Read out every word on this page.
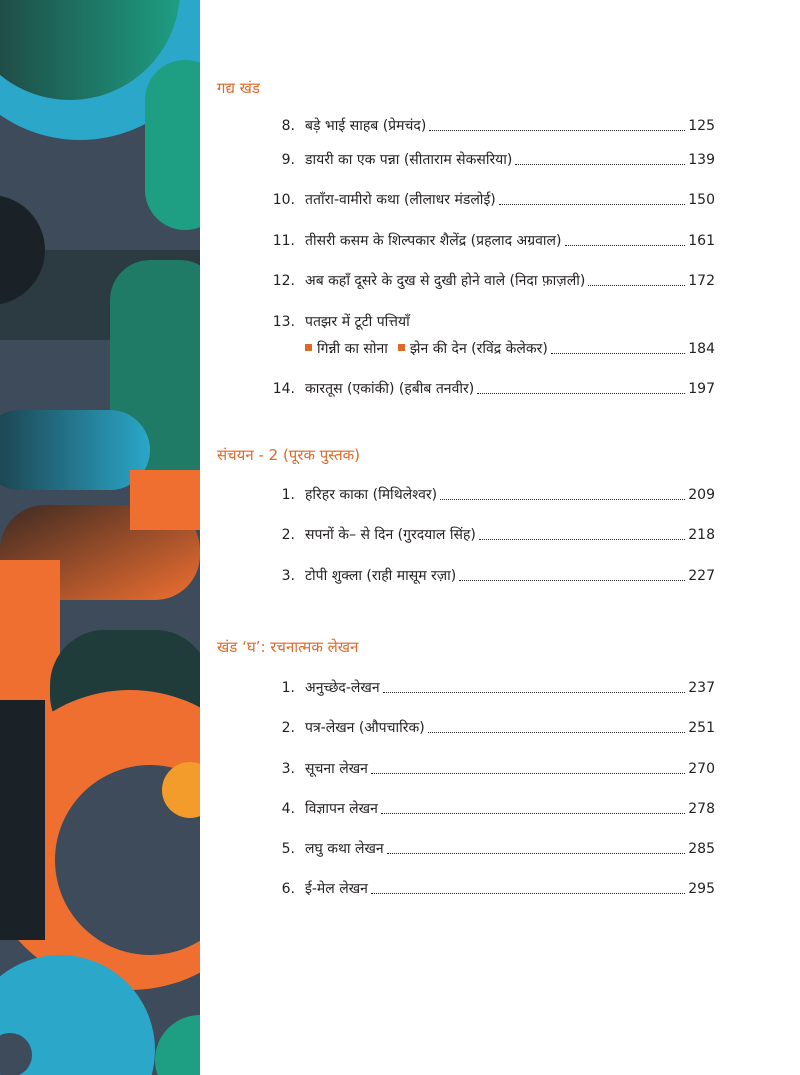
गद्य खंड
8. बड़े भाई साहब (प्रेमचंद)	125
9. डायरी का एक पन्ना (सीताराम सेकसरिया)	139
10. तताँरा-वामीरो कथा (लीलाधर मंडलोई)	150
11. तीसरी कसम के शिल्पकार शैलेंद्र (प्रहलाद अग्रवाल)	161
12. अब कहाँ दूसरे के दुख से दुखी होने वाले (निदा फ़ाज़ली)	172
13. पतझर में टूटी पत्तियाँ
गिन्नी का सोना झेन की देन (रविंद्र केलेकर)	184
14. कारतूस (एकांकी) (हबीब तनवीर)	197
संचयन - 2 (पूरक पुस्तक)
1. हरिहर काका (मिथिलेश्वर)	209
2. सपनों के– से दिन (गुरदयाल सिंह)	218
3. टोपी शुक्ला (राही मासूम रज़ा)	227
खंड ‘घ’: रचनात्मक लेखन
1. अनुच्छेद-लेखन	237
2. पत्र-लेखन (औपचारिक)	251
3. सूचना लेखन	270
4. विज्ञापन लेखन	278
5. लघु कथा लेखन	285
6. ई-मेल लेखन	295
